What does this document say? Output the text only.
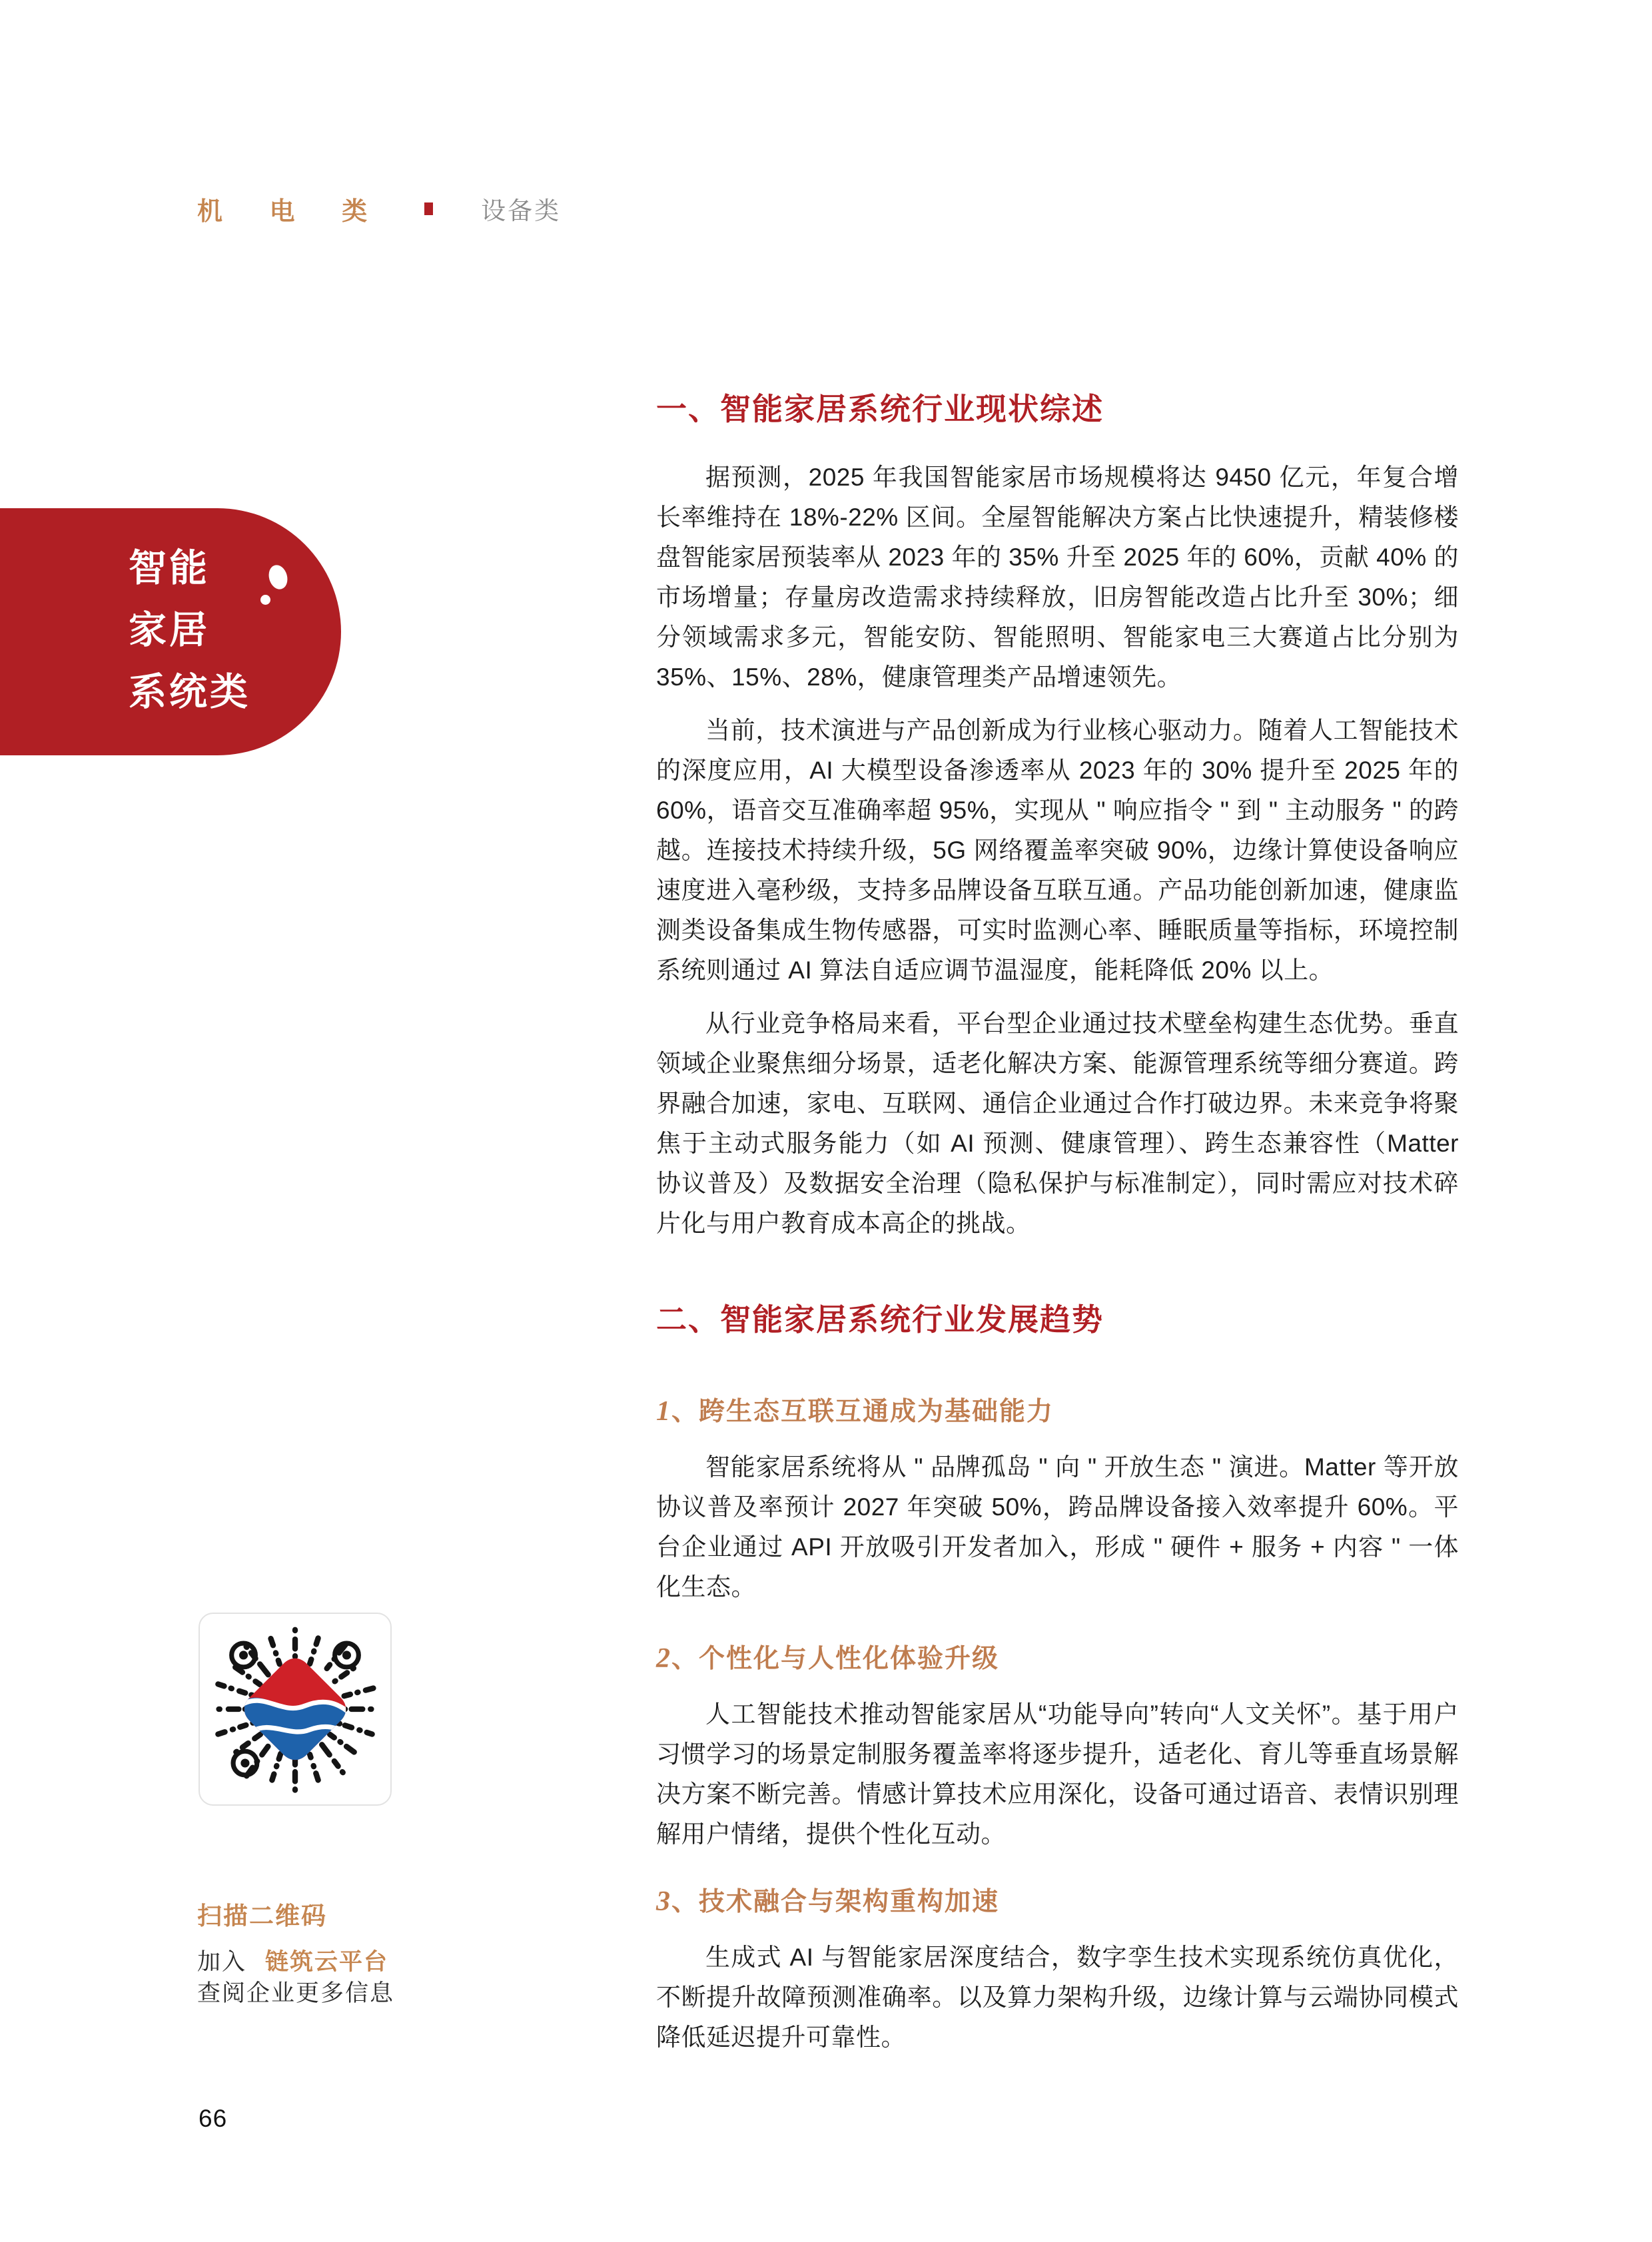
机 电 类	设备类
智能
家居
系统类
一、智能家居系统行业现状综述

据预测，2025 年我国智能家居市场规模将达 9450 亿元，年复合增长率维持在 18%-22% 区间。全屋智能解决方案占比快速提升，精装修楼盘智能家居预装率从 2023 年的 35% 升至 2025 年的 60%，贡献 40% 的市场增量；存量房改造需求持续释放，旧房智能改造占比升至 30%；细分领域需求多元，智能安防、智能照明、智能家电三大赛道占比分别为 35%、15%、28%，健康管理类产品增速领先。

当前，技术演进与产品创新成为行业核心驱动力。随着人工智能技术的深度应用，AI 大模型设备渗透率从 2023 年的 30% 提升至 2025 年的 60%，语音交互准确率超 95%，实现从 " 响应指令 " 到 " 主动服务 " 的跨越。连接技术持续升级，5G 网络覆盖率突破 90%，边缘计算使设备响应速度进入毫秒级，支持多品牌设备互联互通。产品功能创新加速，健康监测类设备集成生物传感器，可实时监测心率、睡眠质量等指标，环境控制系统则通过 AI 算法自适应调节温湿度，能耗降低 20% 以上。

从行业竞争格局来看，平台型企业通过技术壁垒构建生态优势。垂直领域企业聚焦细分场景，适老化解决方案、能源管理系统等细分赛道。跨界融合加速，家电、互联网、通信企业通过合作打破边界。未来竞争将聚焦于主动式服务能力（如 AI 预测、健康管理）、跨生态兼容性（Matter 协议普及）及数据安全治理（隐私保护与标准制定），同时需应对技术碎片化与用户教育成本高企的挑战。

二、智能家居系统行业发展趋势
1、跨生态互联互通成为基础能力

智能家居系统将从 " 品牌孤岛 " 向 " 开放生态 " 演进。Matter 等开放协议普及率预计 2027 年突破 50%，跨品牌设备接入效率提升 60%。平台企业通过 API 开放吸引开发者加入，形成 " 硬件 + 服务 + 内容 " 一体化生态。

2、个性化与人性化体验升级

人工智能技术推动智能家居从“功能导向”转向“人文关怀”。基于用户习惯学习的场景定制服务覆盖率将逐步提升，适老化、育儿等垂直场景解决方案不断完善。情感计算技术应用深化，设备可通过语音、表情识别理解用户情绪，提供个性化互动。

3、技术融合与架构重构加速

生成式 AI 与智能家居深度结合，数字孪生技术实现系统仿真优化，不断提升故障预测准确率。以及算力架构升级，边缘计算与云端协同模式降低延迟提升可靠性。

扫描二维码
加入 链筑云平台
查阅企业更多信息
66
